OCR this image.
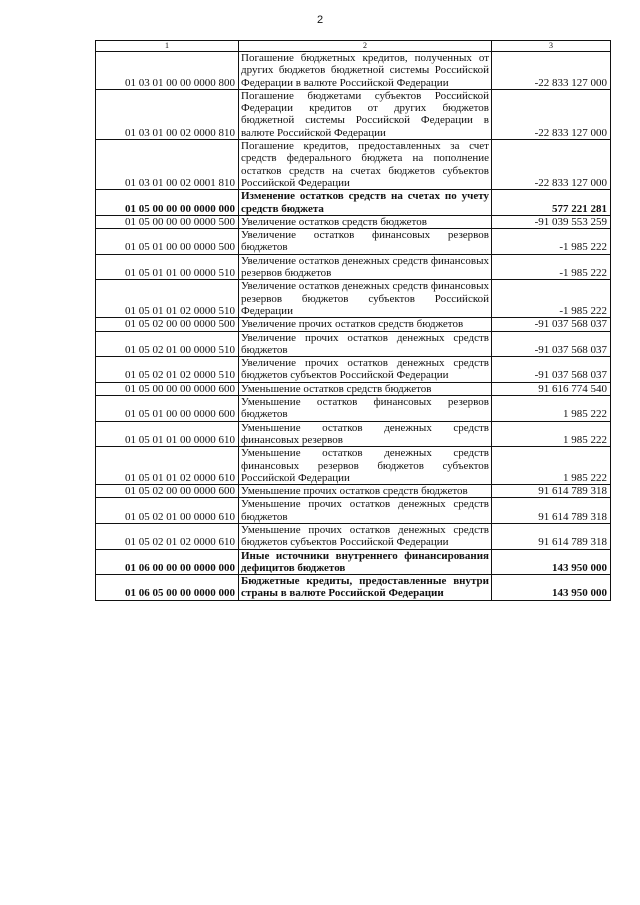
2
1	2	3
01 03 01 00 00 0000 800	Погашение бюджетных кредитов, полученных от других бюджетов бюджетной системы Российской Федерации в валюте Российской Федерации	-22 833 127 000
01 03 01 00 02 0000 810	Погашение бюджетами субъектов Российской Федерации кредитов от других бюджетов бюджетной системы Российской Федерации в валюте Российской Федерации	-22 833 127 000
01 03 01 00 02 0001 810	Погашение кредитов, предоставленных за счет средств федерального бюджета на пополнение остатков средств на счетах бюджетов субъектов Российской Федерации	-22 833 127 000
01 05 00 00 00 0000 000	Изменение остатков средств на счетах по учету средств бюджета	577 221 281
01 05 00 00 00 0000 500	Увеличение остатков средств бюджетов	-91 039 553 259
01 05 01 00 00 0000 500	Увеличение остатков финансовых резервов бюджетов	-1 985 222
01 05 01 01 00 0000 510	Увеличение остатков денежных средств финансовых резервов бюджетов	-1 985 222
01 05 01 01 02 0000 510	Увеличение остатков денежных средств финансовых резервов бюджетов субъектов Российской Федерации	-1 985 222
01 05 02 00 00 0000 500	Увеличение прочих остатков средств бюджетов	-91 037 568 037
01 05 02 01 00 0000 510	Увеличение прочих остатков денежных средств бюджетов	-91 037 568 037
01 05 02 01 02 0000 510	Увеличение прочих остатков денежных средств бюджетов субъектов Российской Федерации	-91 037 568 037
01 05 00 00 00 0000 600	Уменьшение остатков средств бюджетов	91 616 774 540
01 05 01 00 00 0000 600	Уменьшение остатков финансовых резервов бюджетов	1 985 222
01 05 01 01 00 0000 610	Уменьшение остатков денежных средств финансовых резервов	1 985 222
01 05 01 01 02 0000 610	Уменьшение остатков денежных средств финансовых резервов бюджетов субъектов Российской Федерации	1 985 222
01 05 02 00 00 0000 600	Уменьшение прочих остатков средств бюджетов	91 614 789 318
01 05 02 01 00 0000 610	Уменьшение прочих остатков денежных средств бюджетов	91 614 789 318
01 05 02 01 02 0000 610	Уменьшение прочих остатков денежных средств бюджетов субъектов Российской Федерации	91 614 789 318
01 06 00 00 00 0000 000	Иные источники внутреннего финансирования дефицитов бюджетов	143 950 000
01 06 05 00 00 0000 000	Бюджетные кредиты, предоставленные внутри страны в валюте Российской Федерации	143 950 000
